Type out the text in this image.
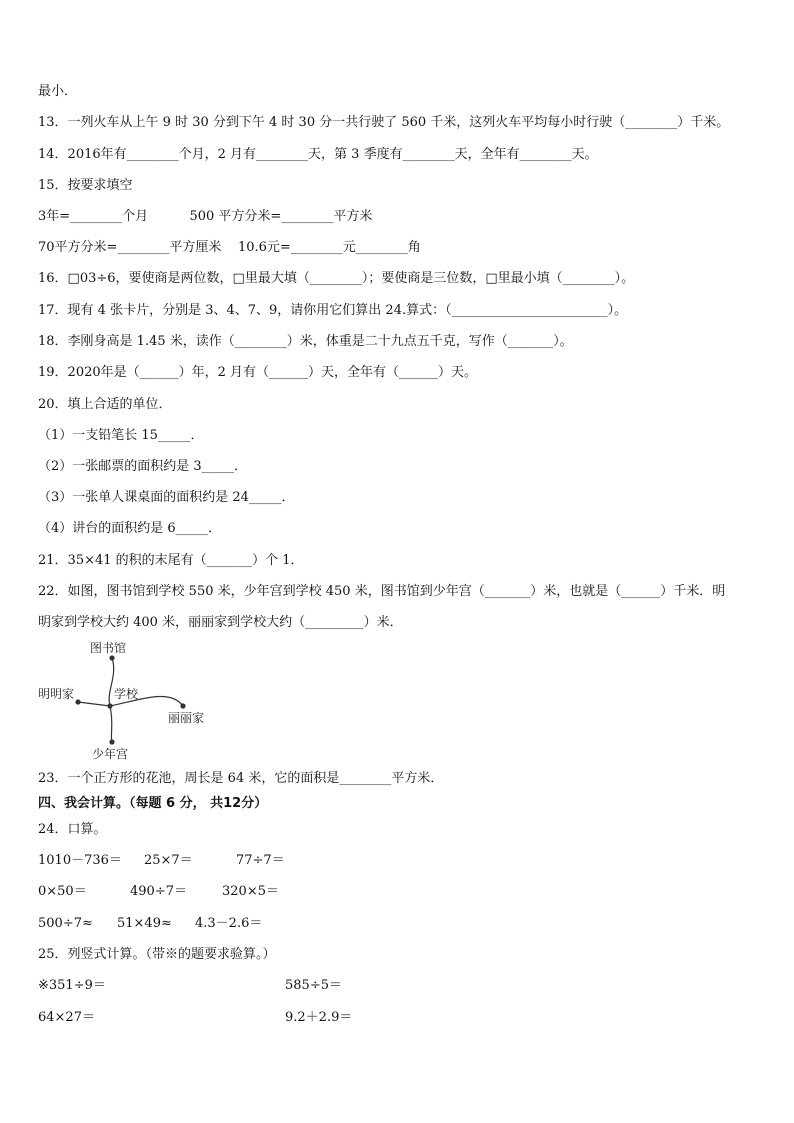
最小．
13．一列火车从上午 9 时 30 分到下午 4 时 30 分一共行驶了 560 千米，这列火车平均每小时行驶（________）千米。
14．2016年有________个月，2 月有________天，第 3 季度有________天，全年有________天。
15．按要求填空
3年=________个月          500 平方分米=________平方米
70平方分米=________平方厘米    10.6元=________元________角
16．□03÷6，要使商是两位数，□里最大填（________）；要使商是三位数，□里最小填（________）。
17．现有 4 张卡片，分别是 3、4、7、9，请你用它们算出 24.算式：（________________________）。
18．李刚身高是 1.45 米，读作（________）米，体重是二十九点五千克，写作（_______）。
19．2020年是（______）年，2 月有（______）天，全年有（______）天。
20．填上合适的单位．
（1）一支铅笔长 15_____．
（2）一张邮票的面积约是 3_____．
（3）一张单人课桌面的面积约是 24_____．
（4）讲台的面积约是 6_____．
21．35×41 的积的末尾有（_______）个 1．
22．如图，图书馆到学校 550 米，少年宫到学校 450 米，图书馆到少年宫（_______）米，也就是（______）千米．明
明家到学校大约 400 米，丽丽家到学校大约（_________）米．
图书馆
明明家	学校
丽丽家
少年宫
23．一个正方形的花池，周长是 64 米，它的面积是________平方米．
四、我会计算。（每题 6 分， 共12分）
24．口算。
1010－736＝ 25×7＝	77÷7＝
0×50＝	490÷7＝	320×5＝
500÷7≈ 51×49≈ 4.3－2.6＝
25．列竖式计算。（带※的题要求验算。）
※351÷9＝	585÷5＝
64×27＝	9.2＋2.9＝
